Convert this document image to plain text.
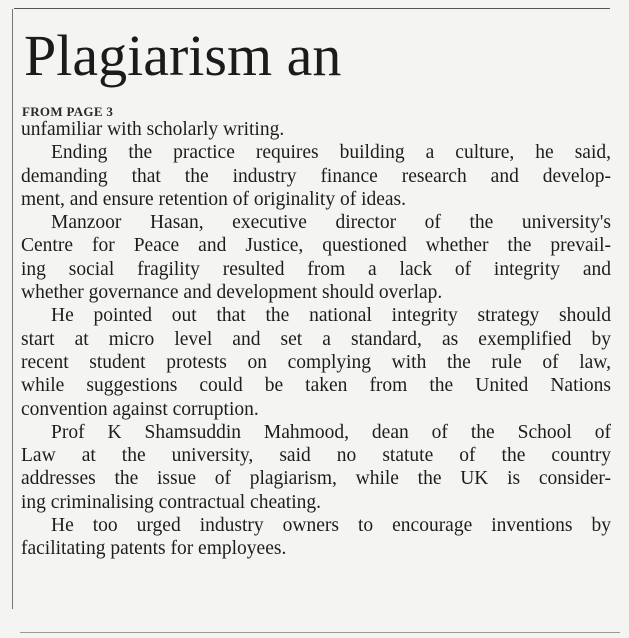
Plagiarism an
FROM PAGE 3

unfamiliar with scholarly writing.

Ending the practice requires building a culture, he said,
demanding that the industry finance research and develop-
ment, and ensure retention of originality of ideas.

Manzoor Hasan, executive director of the university's
Centre for Peace and Justice, questioned whether the prevail-
ing social fragility resulted from a lack of integrity and
whether governance and development should overlap.

He pointed out that the national integrity strategy should
start at micro level and set a standard, as exemplified by
recent student protests on complying with the rule of law,
while suggestions could be taken from the United Nations
convention against corruption.

Prof K Shamsuddin Mahmood, dean of the School of
Law at the university, said no statute of the country
addresses the issue of plagiarism, while the UK is consider-
ing criminalising contractual cheating.

He too urged industry owners to encourage inventions by
facilitating patents for employees.
